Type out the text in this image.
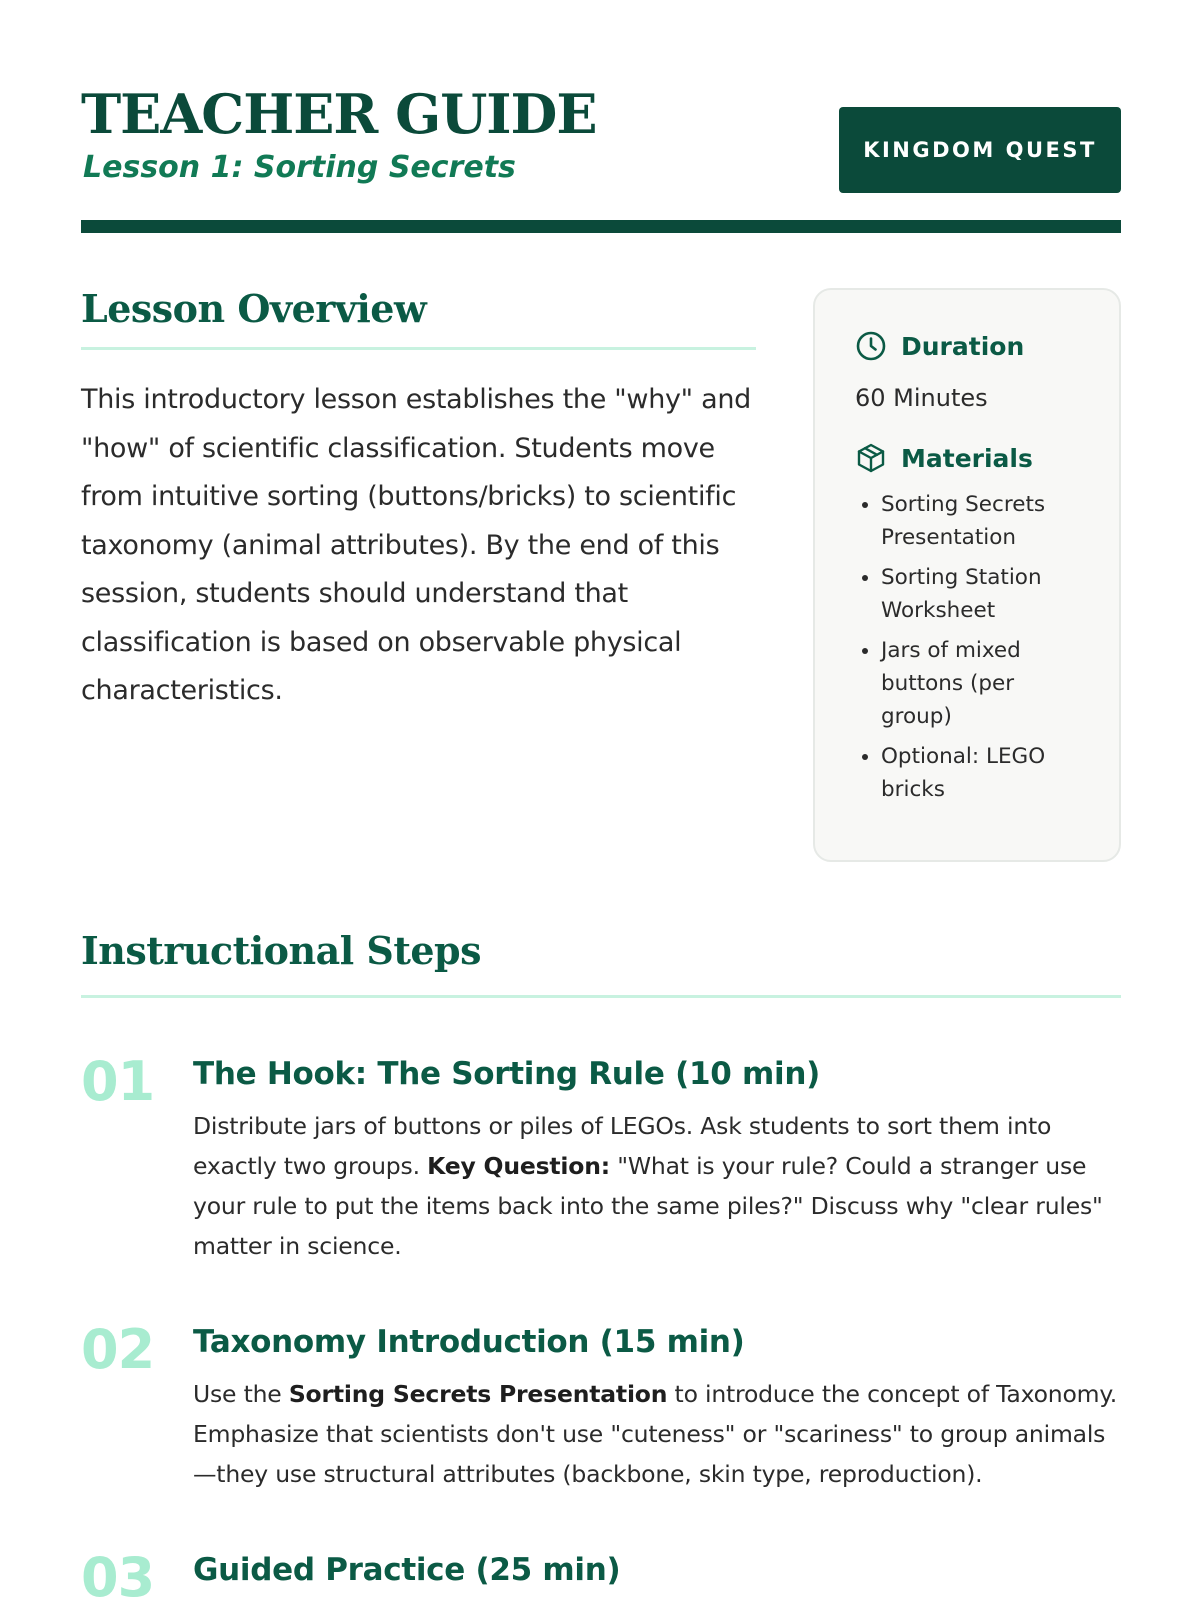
TEACHER GUIDE
Lesson 1: Sorting Secrets	KINGDOM QUEST
Lesson Overview

This introductory lesson establishes the "why" and "how" of scientific classification. Students move from intuitive sorting (buttons/bricks) to scientific taxonomy (animal attributes). By the end of this session, students should understand that classification is based on observable physical characteristics.

Duration
60 Minutes
Materials
• Sorting Secrets Presentation
• Sorting Station Worksheet
• Jars of mixed buttons (per group)
• Optional: LEGO bricks
Instructional Steps
01 The Hook: The Sorting Rule (10 min)

Distribute jars of buttons or piles of LEGOs. Ask students to sort them into exactly two groups. Key Question: "What is your rule? Could a stranger use your rule to put the items back into the same piles?" Discuss why "clear rules" matter in science.

02 Taxonomy Introduction (15 min)

Use the Sorting Secrets Presentation to introduce the concept of Taxonomy. Emphasize that scientists don't use "cuteness" or "scariness" to group animals—they use structural attributes (backbone, skin type, reproduction).

03 Guided Practice (25 min)
